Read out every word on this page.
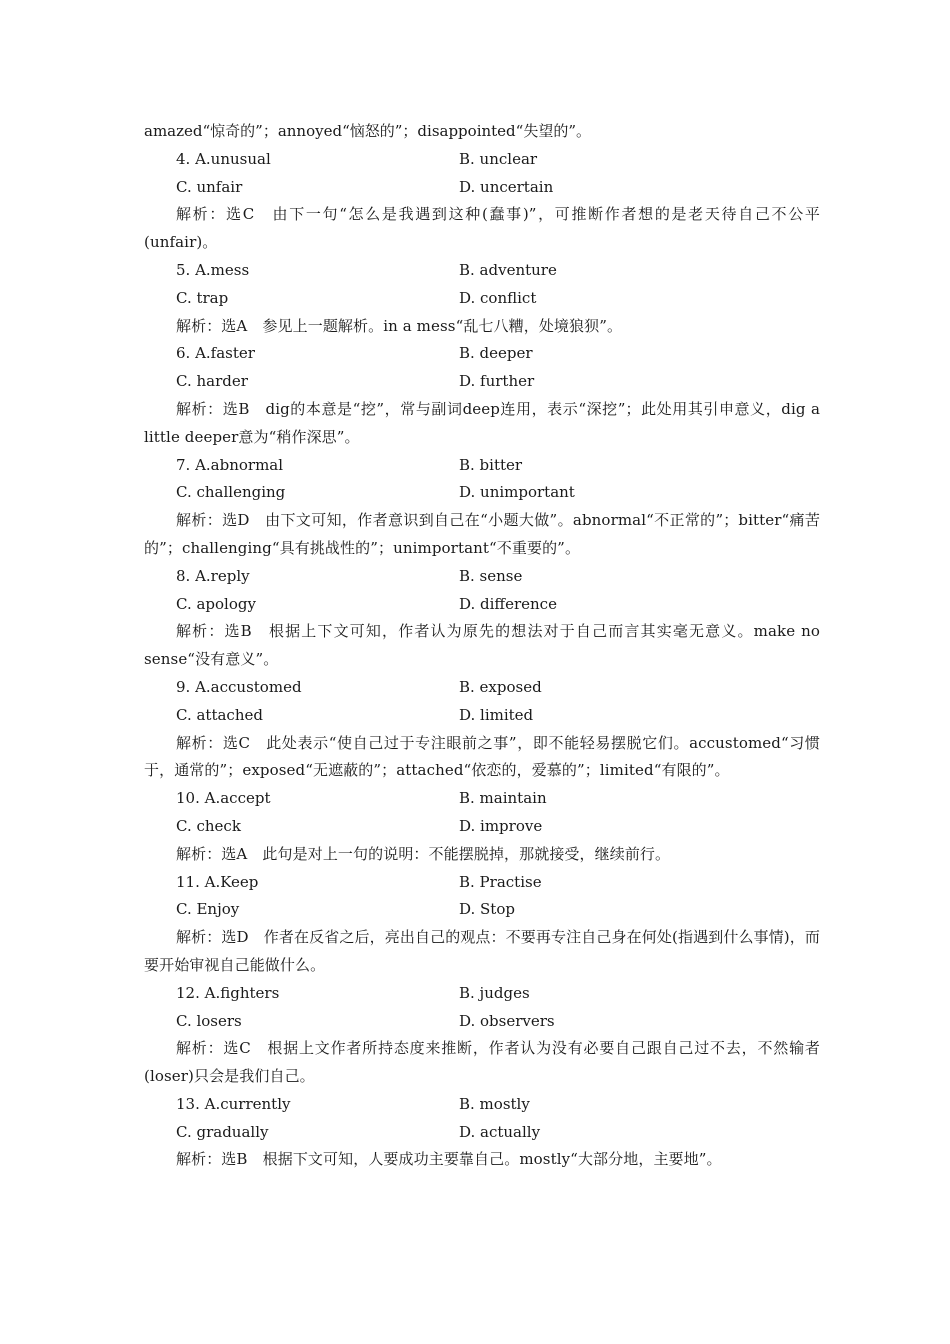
amazed“惊奇的”；annoyed“恼怒的”；disappointed“失望的”。
4. A.unusual	B. unclear
C. unfair	D. uncertain
解析：选C　由下一句“怎么是我遇到这种(蠢事)”，可推断作者想的是老天待自己不公平(unfair)。
5. A.mess	B. adventure
C. trap	D. conflict
解析：选A　参见上一题解析。in a mess“乱七八糟，处境狼狈”。
6. A.faster	B. deeper
C. harder	D. further
解析：选B　dig的本意是“挖”，常与副词deep连用，表示“深挖”；此处用其引申意义，dig a little deeper意为“稍作深思”。
7. A.abnormal	B. bitter
C. challenging	D. unimportant
解析：选D　由下文可知，作者意识到自己在“小题大做”。abnormal“不正常的”；bitter“痛苦的”；challenging“具有挑战性的”；unimportant“不重要的”。
8. A.reply	B. sense
C. apology	D. difference
解析：选B　根据上下文可知，作者认为原先的想法对于自己而言其实毫无意义。make no sense“没有意义”。
9. A.accustomed	B. exposed
C. attached	D. limited
解析：选C　此处表示“使自己过于专注眼前之事”，即不能轻易摆脱它们。accustomed“习惯于，通常的”；exposed“无遮蔽的”；attached“依恋的，爱慕的”；limited“有限的”。
10. A.accept	B. maintain
C. check	D. improve
解析：选A　此句是对上一句的说明：不能摆脱掉，那就接受，继续前行。
11. A.Keep	B. Practise
C. Enjoy	D. Stop
解析：选D　作者在反省之后，亮出自己的观点：不要再专注自己身在何处(指遇到什么事情)，而要开始审视自己能做什么。
12. A.fighters	B. judges
C. losers	D. observers
解析：选C　根据上文作者所持态度来推断，作者认为没有必要自己跟自己过不去，不然输者(loser)只会是我们自己。
13. A.currently	B. mostly
C. gradually	D. actually
解析：选B　根据下文可知，人要成功主要靠自己。mostly“大部分地，主要地”。
